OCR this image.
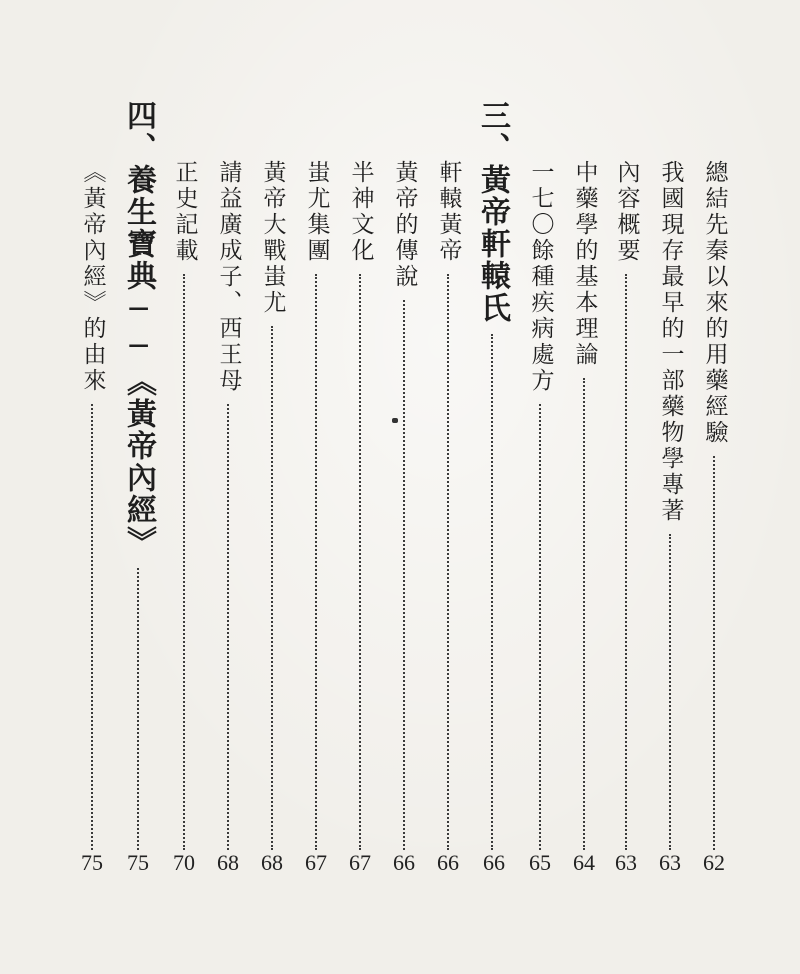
總結先秦以來的用藥經驗
62
我國現存最早的一部藥物學專著
63
內容概要
63
中藥學的基本理論
64
一七〇餘種疾病處方
65
三、黃帝軒轅氏
66
軒轅黃帝
66
黃帝的傳說
66
半神文化
67
蚩尤集團
67
黃帝大戰蚩尤
68
請益廣成子、西王母
68
正史記載
70
四、養生寶典──《黃帝內經》
75
《黃帝內經》的由來
75
